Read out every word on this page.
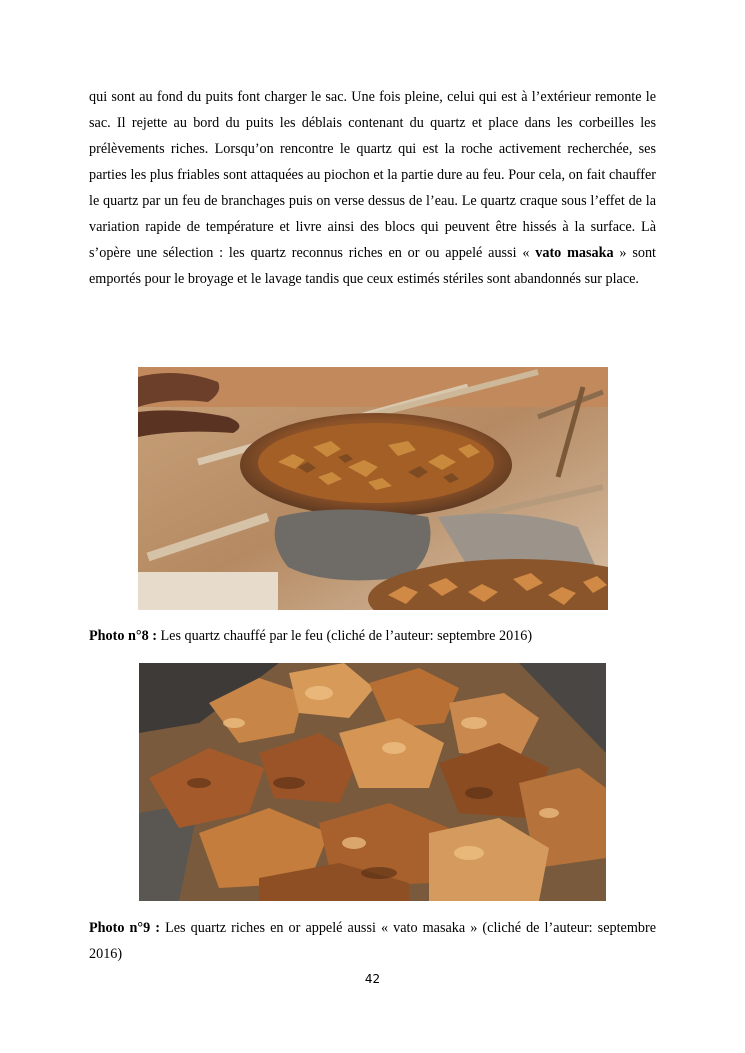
qui sont au fond du puits font charger le sac. Une fois pleine, celui qui est à l’extérieur remonte le sac. Il rejette au bord du puits les déblais contenant du quartz et place dans les corbeilles les prélèvements riches. Lorsqu’on rencontre le quartz qui est la roche activement recherchée, ses parties les plus friables sont attaquées au piochon et la partie dure au feu. Pour cela, on fait chauffer le quartz par un feu de branchages puis on verse dessus de l’eau. Le quartz craque sous l’effet de la variation rapide de température et livre ainsi des blocs qui peuvent être hissés à la surface. Là s’opère une sélection : les quartz reconnus riches en or ou appelé aussi « vato masaka » sont emportés pour le broyage et le lavage tandis que ceux estimés stériles sont abandonnés sur place.

Photo n°8 : Les quartz chauffé par le feu (cliché de l’auteur: septembre 2016)

Photo n°9 : Les quartz riches en or appelé aussi « vato masaka » (cliché de l’auteur: septembre 2016)

42
